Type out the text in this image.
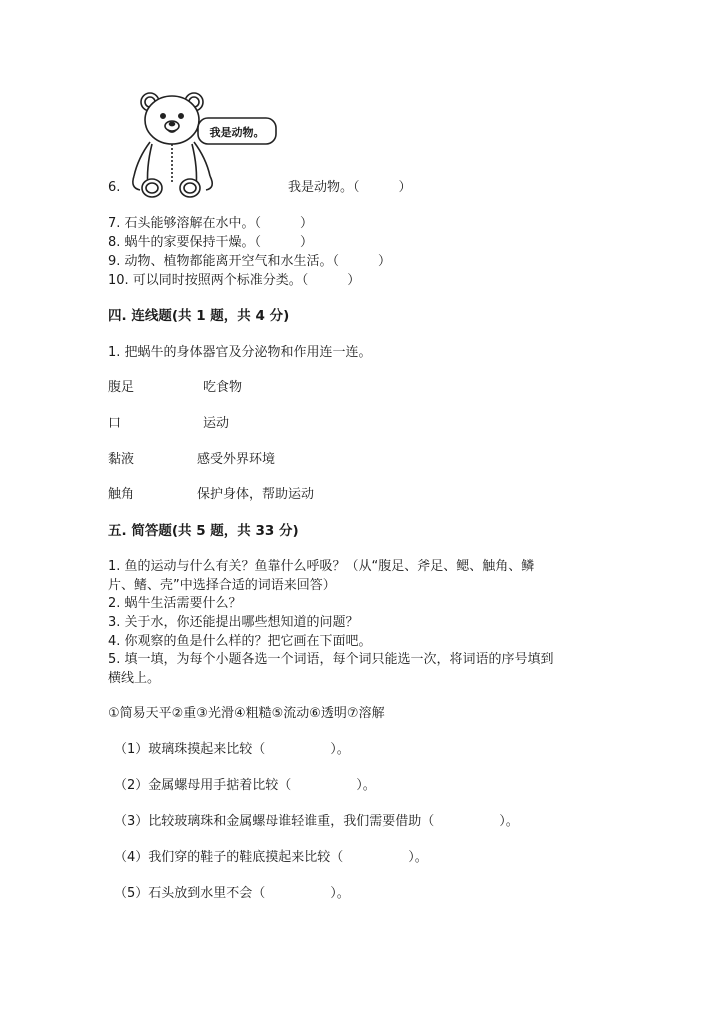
我是动物。
6.	我是动物。（　　　）
7. 石头能够溶解在水中。（　　　）
8. 蜗牛的家要保持干燥。（　　　）
9. 动物、植物都能离开空气和水生活。（　　　）
10. 可以同时按照两个标准分类。（　　　）
四. 连线题(共 1 题，共 4 分)
1. 把蜗牛的身体器官及分泌物和作用连一连。
腹足	吃食物
口	运动
黏液	感受外界环境
触角	保护身体，帮助运动
五. 简答题(共 5 题，共 33 分)
1. 鱼的运动与什么有关？鱼靠什么呼吸？（从“腹足、斧足、鳃、触角、鳞
片、鳍、壳”中选择合适的词语来回答）
2. 蜗牛生活需要什么？
3. 关于水，你还能提出哪些想知道的问题？
4. 你观察的鱼是什么样的？把它画在下面吧。
5. 填一填，为每个小题各选一个词语，每个词只能选一次，将词语的序号填到
横线上。
①简易天平②重③光滑④粗糙⑤流动⑥透明⑦溶解
（1）玻璃珠摸起来比较（　　　　　）。
（2）金属螺母用手掂着比较（　　　　　）。
（3）比较玻璃珠和金属螺母谁轻谁重，我们需要借助（　　　　　）。
（4）我们穿的鞋子的鞋底摸起来比较（　　　　　）。
（5）石头放到水里不会（　　　　　）。
